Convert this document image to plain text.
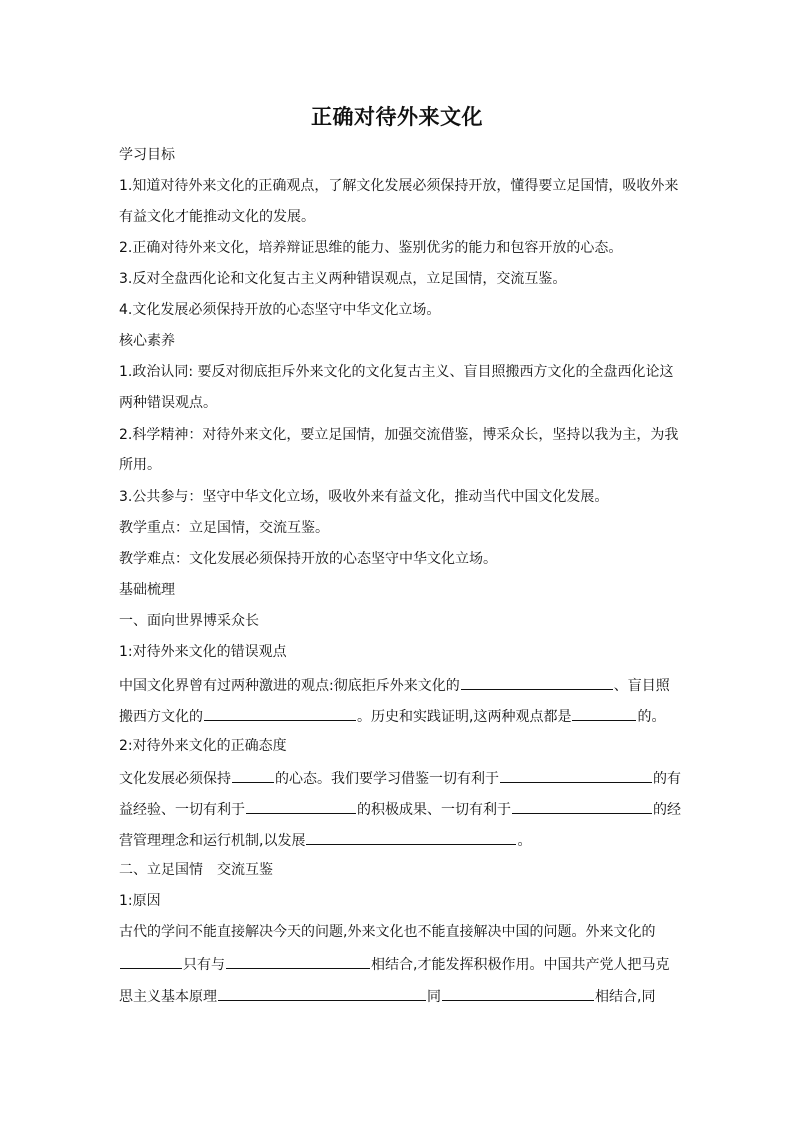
正确对待外来文化
学习目标
1.知道对待外来文化的正确观点，了解文化发展必须保持开放，懂得要立足国情，吸收外来
有益文化才能推动文化的发展。
2.正确对待外来文化，培养辩证思维的能力、鉴别优劣的能力和包容开放的心态。
3.反对全盘西化论和文化复古主义两种错误观点，立足国情，交流互鉴。
4.文化发展必须保持开放的心态坚守中华文化立场。
核心素养
1.政治认同: 要反对彻底拒斥外来文化的文化复古主义、盲目照搬西方文化的全盘西化论这
两种错误观点。
2.科学精神：对待外来文化，要立足国情，加强交流借鉴，博采众长，坚持以我为主，为我
所用。
3.公共参与：坚守中华文化立场，吸收外来有益文化，推动当代中国文化发展。
教学重点：立足国情，交流互鉴。
教学难点：文化发展必须保持开放的心态坚守中华文化立场。
基础梳理
一、面向世界博采众长
1:对待外来文化的错误观点
中国文化界曾有过两种激进的观点:彻底拒斥外来文化的	、盲目照
搬西方文化的	。历史和实践证明,这两种观点都是	的。
2:对待外来文化的正确态度
文化发展必须保持	的心态。我们要学习借鉴一切有利于	的有
益经验、一切有利于	的积极成果、一切有利于	的经
营管理理念和运行机制,以发展	。
二、立足国情　交流互鉴
1:原因
古代的学问不能直接解决今天的问题,外来文化也不能直接解决中国的问题。外来文化的
只有与	相结合,才能发挥积极作用。中国共产党人把马克
思主义基本原理	同	相结合,同
